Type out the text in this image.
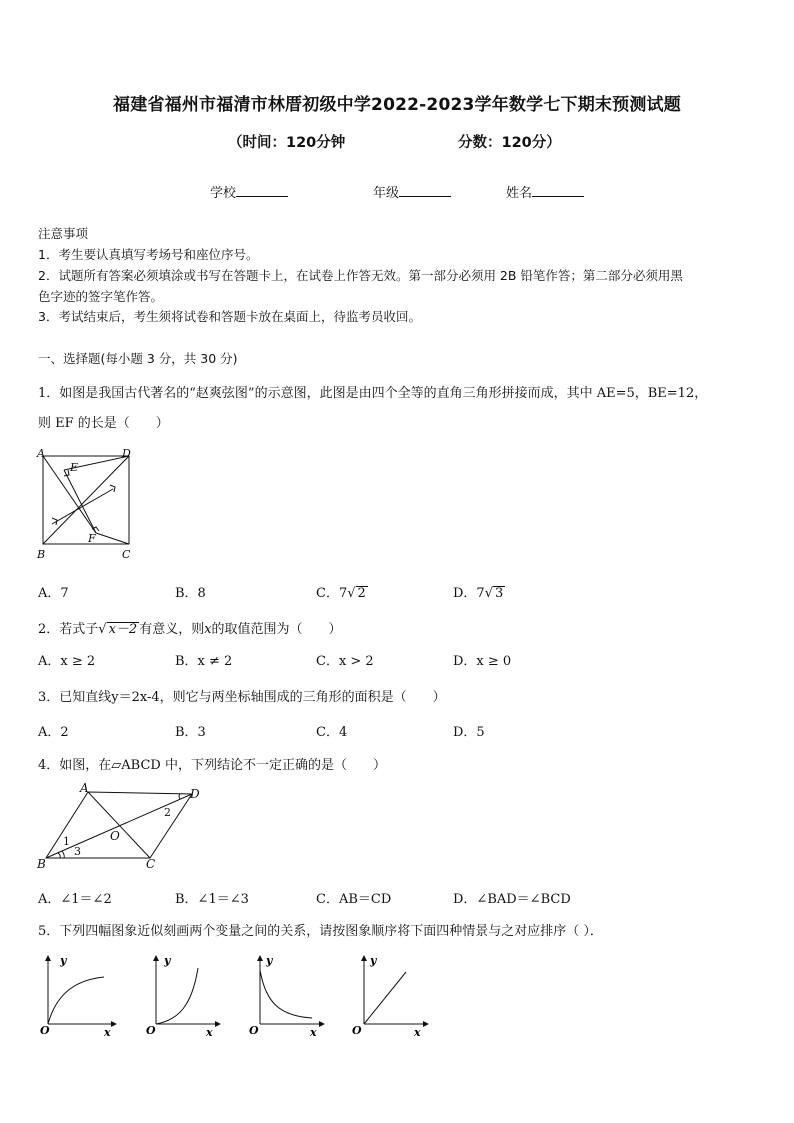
福建省福州市福清市林厝初级中学2022-2023学年数学七下期末预测试题
（时间：120分钟	分数：120分）
学校	年级	姓名
注意事项
1．考生要认真填写考场号和座位序号。
2．试题所有答案必须填涂或书写在答题卡上，在试卷上作答无效。第一部分必须用 2B 铅笔作答；第二部分必须用黑
色字迹的签字笔作答。
3．考试结束后，考生须将试卷和答题卡放在桌面上，待监考员收回。
一、选择题(每小题 3 分，共 30 分)
1．如图是我国古代著名的“赵爽弦图”的示意图，此图是由四个全等的直角三角形拼接而成，其中 AE=5，BE=12，
则 EF 的长是（　　）
A	D
E
B
F
C
A．7	B．8	C．7√ 2	D．7√ 3
2．若式子√ x－2 有意义，则x的取值范围为（　　）
A．x ≥ 2	B．x ≠ 2	C．x > 2	D．x ≥ 0
3．已知直线y＝2x-4，则它与两坐标轴围成的三角形的面积是（　　）
A．2	B．3	C．4	D．5
4．如图，在▱ABCD 中，下列结论不一定正确的是（　　）
A	D
B	C
O
1
2
3
A．∠1＝∠2	B．∠1＝∠3	C．AB＝CD	D．∠BAD＝∠BCD
5．下列四幅图象近似刻画两个变量之间的关系，请按图象顺序将下面四种情景与之对应排序（ ）．
y
x
O
y
x
O
y
x
O
y
x
O
